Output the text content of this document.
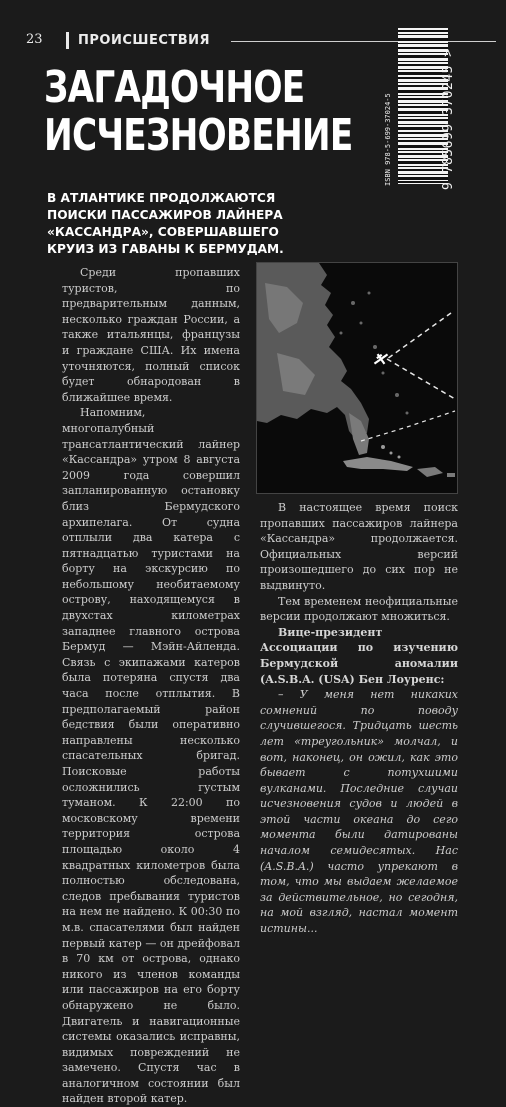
23	ПРОИСШЕСТВИЯ
ЗАГАДОЧНОЕ
ИСЧЕЗНОВЕНИЕ	ISBN 978-5-699-37024-5	9 785699 370245 >
В АТЛАНТИКЕ ПРОДОЛЖАЮТСЯ
ПОИСКИ ПАССАЖИРОВ ЛАЙНЕРА
«КАССАНДРА», СОВЕРШАВШЕГО
КРУИЗ ИЗ ГАВАНЫ К БЕРМУДАМ.

Среди пропавших туристов, по предварительным данным, несколько граждан России, а также итальянцы, французы и граждане США. Их имена уточняются, полный список будет обнародован в ближайшее время.

Напомним, многопалубный трансатлантический лайнер «Кассандра» утром 8 августа 2009 года совершил запланированную остановку близ Бермудского архипелага. От судна отплыли два катера с пятнадцатью туристами на борту на экскурсию по небольшому необитаемому острову, находящемуся в двухстах километрах западнее главного острова Бермуд — Мэйн-Айленда. Связь с экипажами катеров была потеряна спустя два часа после отплытия. В предполагаемый район бедствия были оперативно направлены несколько спасательных бригад. Поисковые работы осложнились густым туманом. К 22:00 по московскому времени территория острова площадью около 4 квадратных километров была полностью обследована, следов пребывания туристов на нем не найдено. К 00:30 по м.в. спасателями был найден первый катер — он дрейфовал в 70 км от острова, однако никого из членов команды или пассажиров на его борту обнаружено не было. Двигатель и навигационные системы оказались исправны, видимых повреждений не замечено. Спустя час в аналогичном состоянии был найден второй катер.

В настоящее время поиск пропавших пассажиров лайнера «Кассандра» продолжается. Официальных версий произошедшего до сих пор не выдвинуто.

Тем временем неофициальные версии продолжают множиться.

Вице-президент Ассоциации по изучению Бермудской аномалии (A.S.B.A. (USA) Бен Лоуренс:

– У меня нет никаких сомнений по поводу случившегося. Тридцать шесть лет «треугольник» молчал, и вот, наконец, он ожил, как это бывает с потухшими вулканами. Последние случаи исчезновения судов и людей в этой части океана до сего момента были датированы началом семидесятых. Нас (A.S.B.A.) часто упрекают в том, что мы выдаем желаемое за действительное, но сегодня, на мой взгляд, настал момент истины...
